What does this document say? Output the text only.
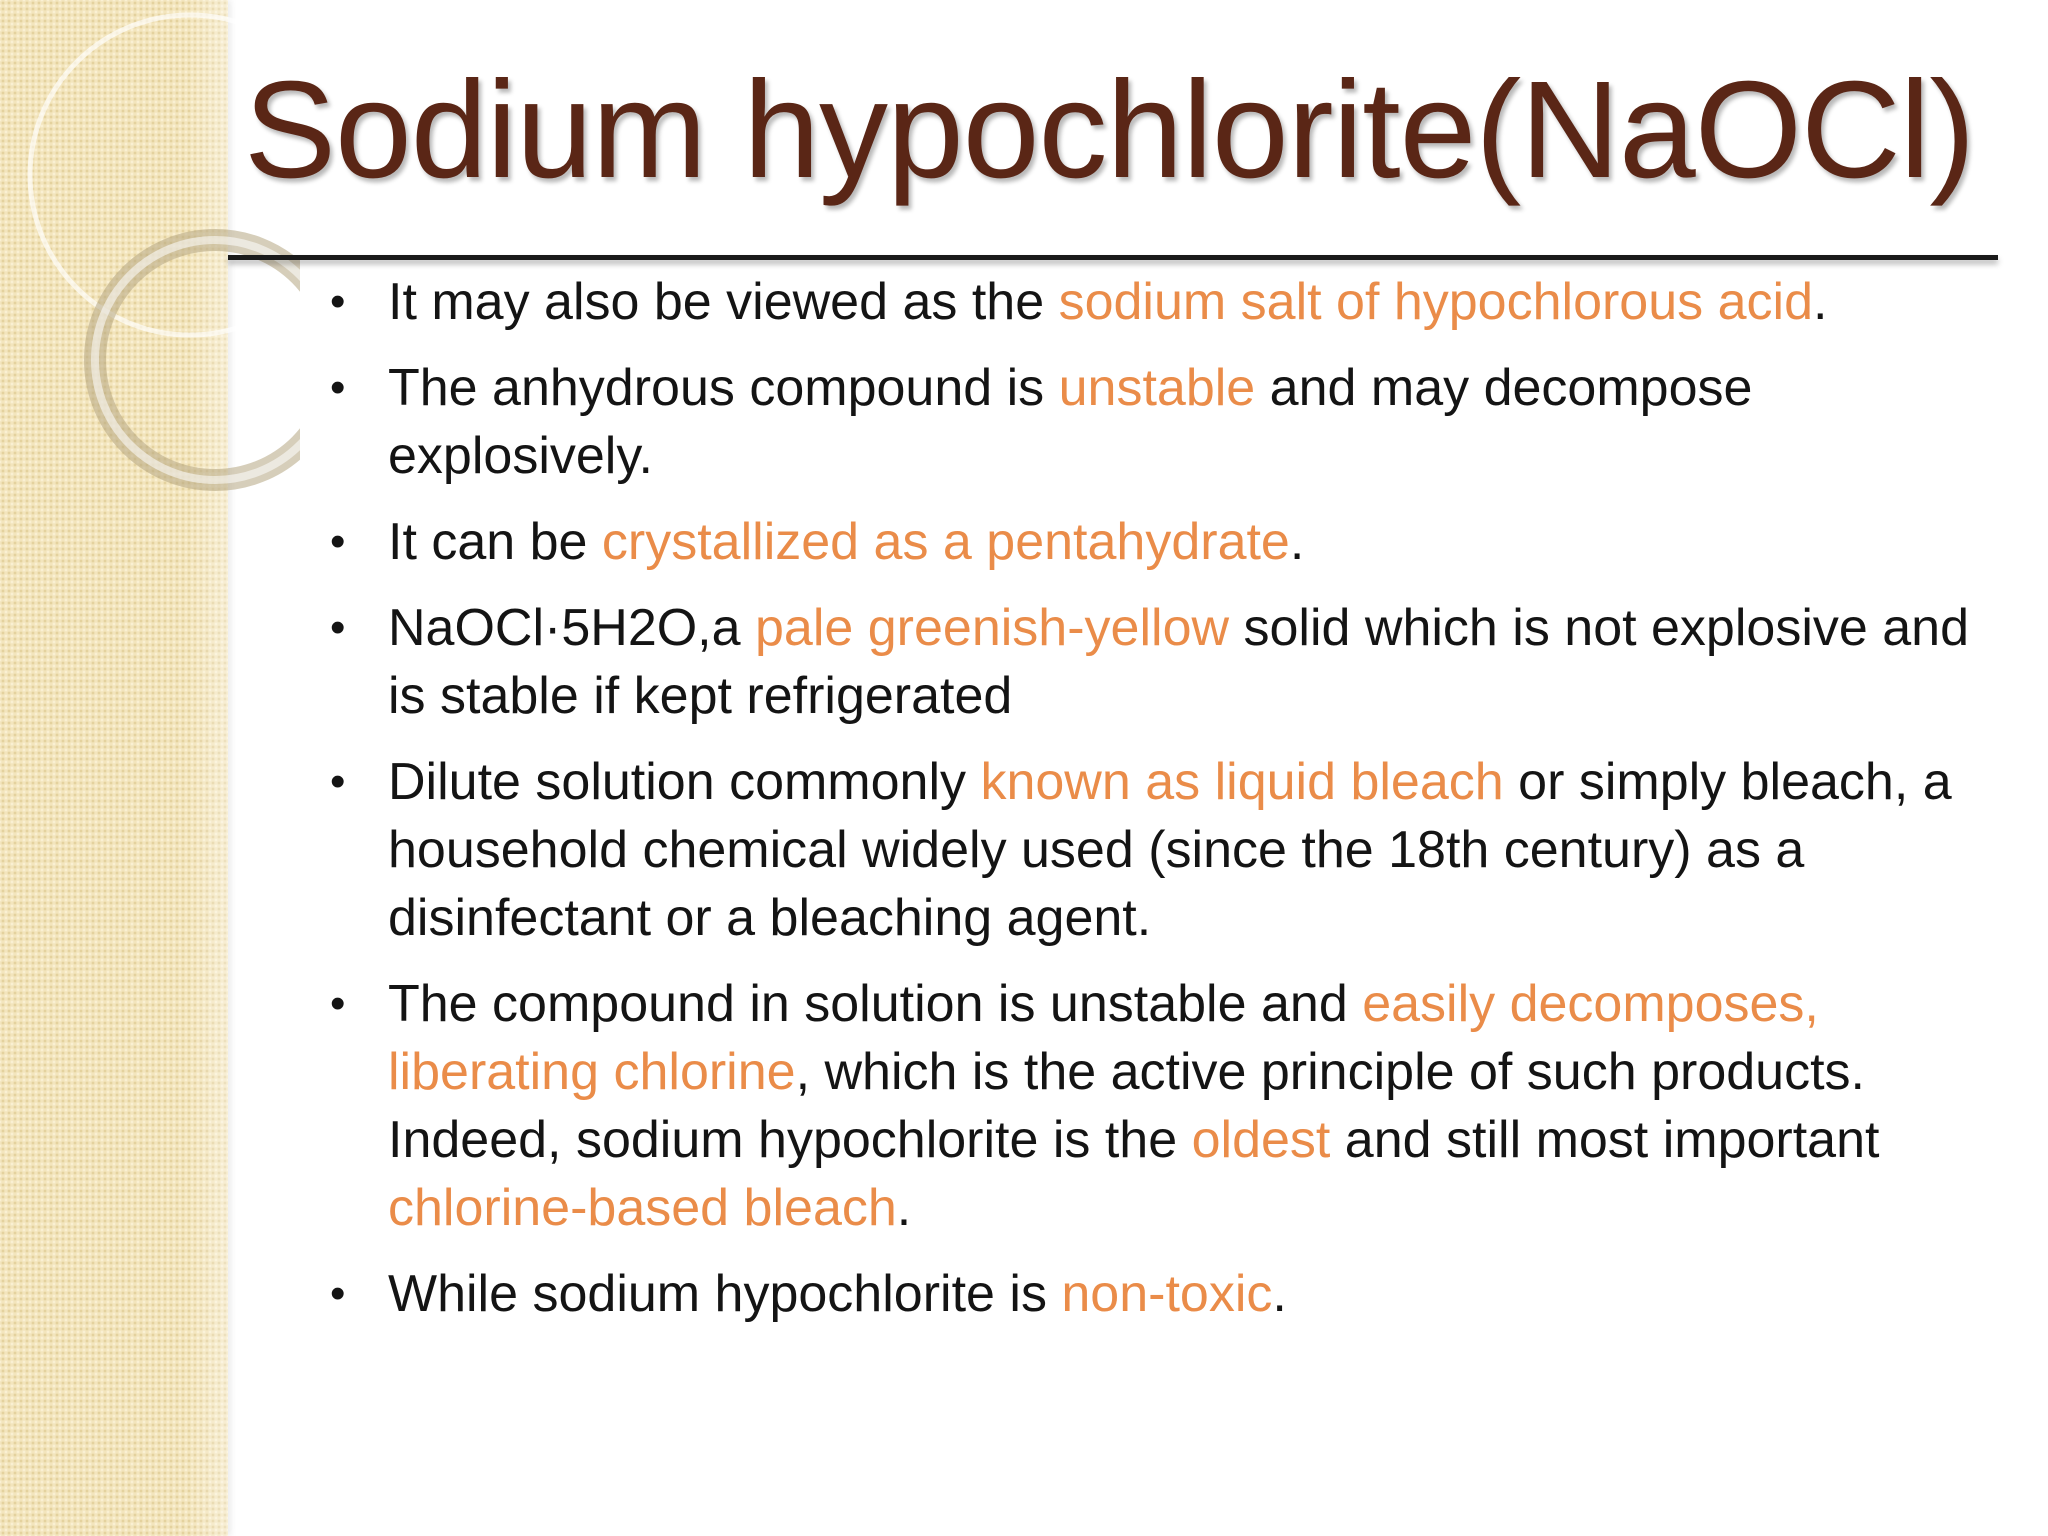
Sodium hypochlorite(NaOCl)
• It may also be viewed as the sodium salt of hypochlorous acid.
• The anhydrous compound is unstable and may decompose explosively.
• It can be crystallized as a pentahydrate.
• NaOCl·5H2O,a pale greenish-yellow solid which is not explosive and is stable if kept refrigerated
• Dilute solution commonly known as liquid bleach or simply bleach, a household chemical widely used (since the 18th century) as a disinfectant or a bleaching agent.
• The compound in solution is unstable and easily decomposes, liberating chlorine, which is the active principle of such products. Indeed, sodium hypochlorite is the oldest and still most important chlorine-based bleach.
• While sodium hypochlorite is non-toxic.
